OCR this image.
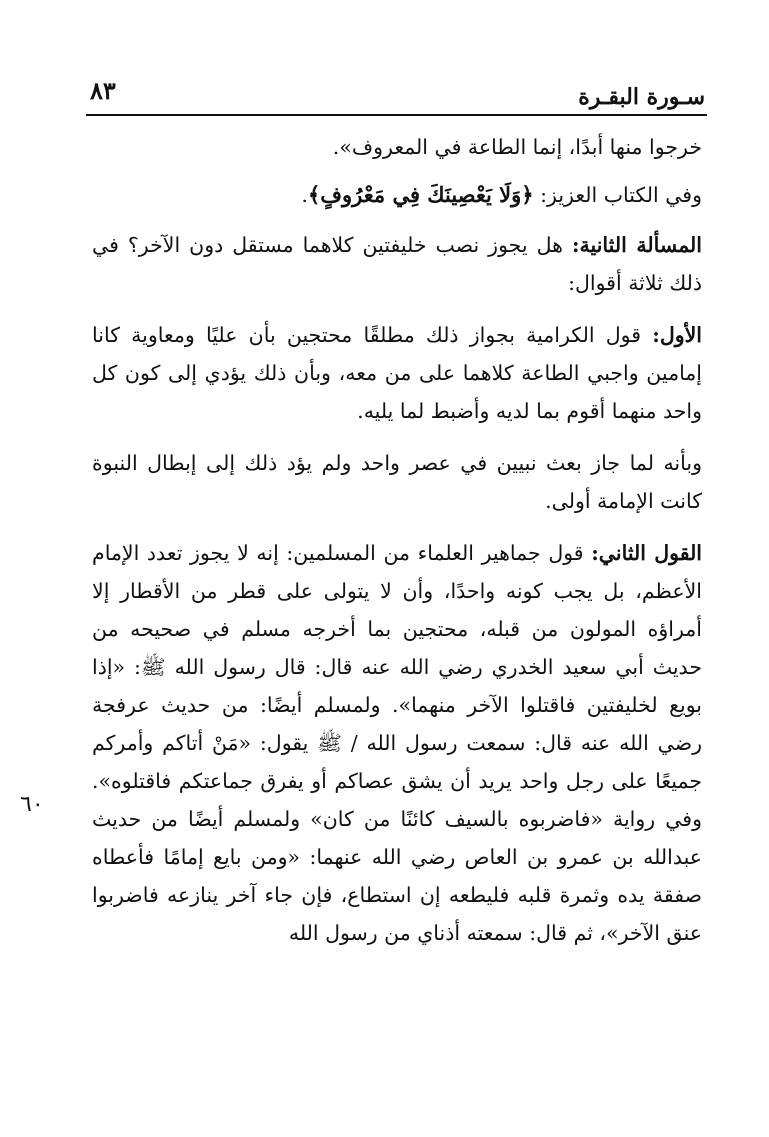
سـورة البقـرة
٨٣

خرجوا منها أبدًا، إنما الطاعة في المعروف».

وفي الكتاب العزيز: ﴿وَلَا يَعْصِينَكَ فِي مَعْرُوفٍ﴾.

المسألة الثانية: هل يجوز نصب خليفتين كلاهما مستقل دون الآخر؟ في ذلك ثلاثة أقوال:

الأول: قول الكرامية بجواز ذلك مطلقًا محتجين بأن عليًا ومعاوية كانا إمامين واجبي الطاعة كلاهما على من معه، وبأن ذلك يؤدي إلى كون كل واحد منهما أقوم بما لديه وأضبط لما يليه.

وبأنه لما جاز بعث نبيين في عصر واحد ولم يؤد ذلك إلى إبطال النبوة كانت الإمامة أولى.

القول الثاني: قول جماهير العلماء من المسلمين: إنه لا يجوز تعدد الإمام الأعظم، بل يجب كونه واحدًا، وأن لا يتولى على قطر من الأقطار إلا أمراؤه المولون من قبله، محتجين بما أخرجه مسلم في صحيحه من حديث أبي سعيد الخدري رضي الله عنه قال: قال رسول الله ﷺ: «إذا بويع لخليفتين فاقتلوا الآخر منهما». ولمسلم أيضًا: من حديث عرفجة رضي الله عنه قال: سمعت رسول الله / ﷺ يقول: «مَنْ أتاكم وأمركم جميعًا على رجل واحد يريد أن يشق عصاكم أو يفرق جماعتكم فاقتلوه». وفي رواية «فاضربوه بالسيف كائنًا من كان» ولمسلم أيضًا من حديث عبدالله بن عمرو بن العاص رضي الله عنهما: «ومن بايع إمامًا فأعطاه صفقة يده وثمرة قلبه فليطعه إن استطاع، فإن جاء آخر ينازعه فاضربوا عنق الآخر»، ثم قال: سمعته أذناي من رسول الله

٦٠
